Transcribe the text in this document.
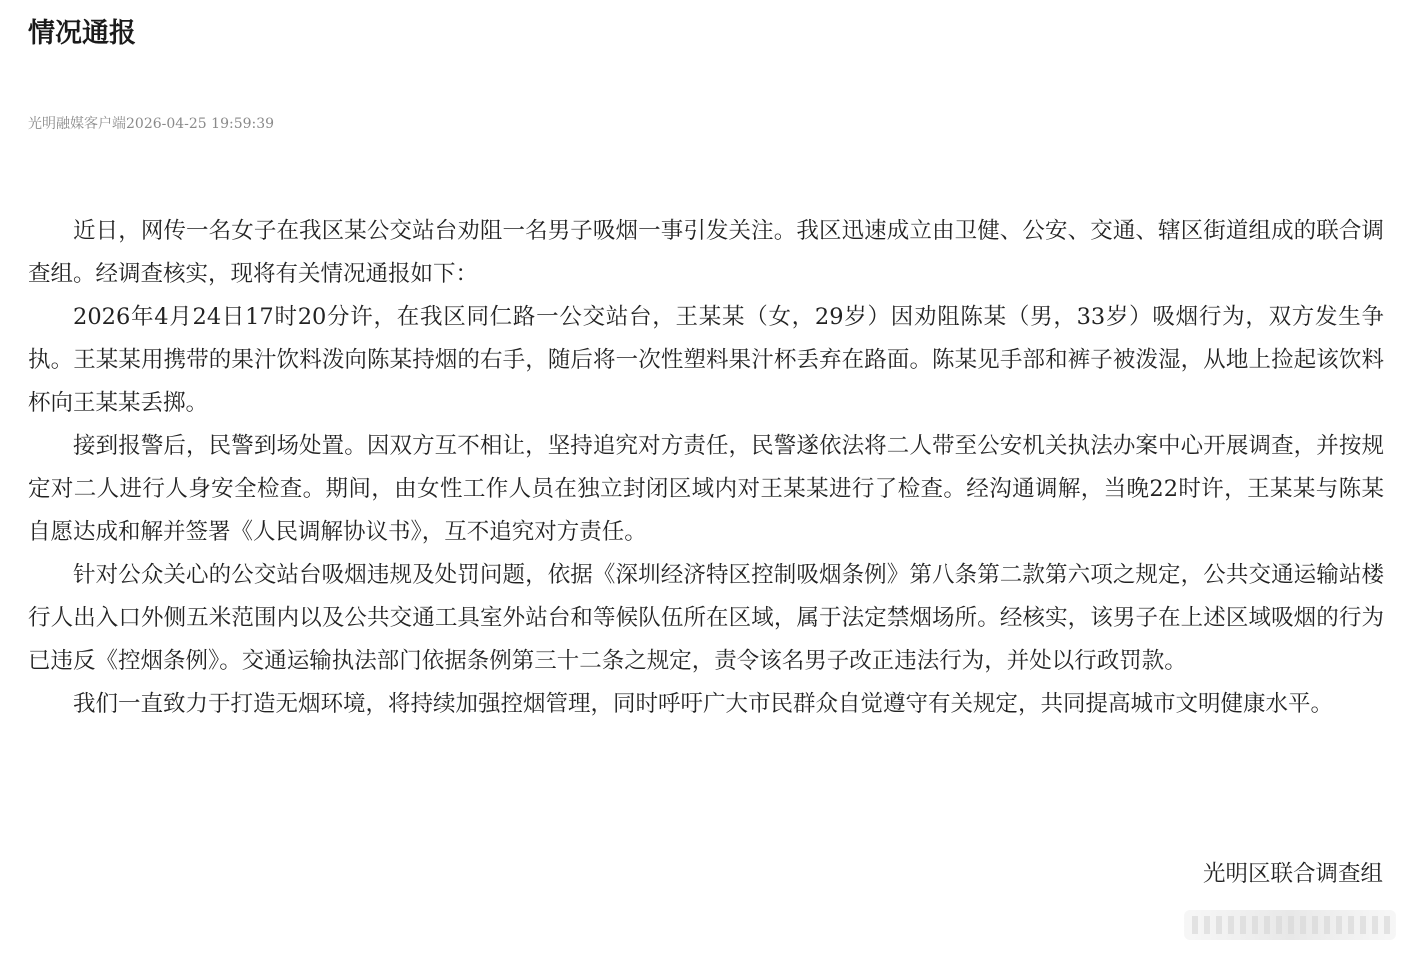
情况通报
光明融媒客户端2026-04-25 19:59:39

近日，网传一名女子在我区某公交站台劝阻一名男子吸烟一事引发关注。我区迅速成立由卫健、公安、交通、辖区街道组成的联合调查组。经调查核实，现将有关情况通报如下：

2026年4月24日17时20分许，在我区同仁路一公交站台，王某某（女，29岁）因劝阻陈某（男，33岁）吸烟行为，双方发生争执。王某某用携带的果汁饮料泼向陈某持烟的右手，随后将一次性塑料果汁杯丢弃在路面。陈某见手部和裤子被泼湿，从地上捡起该饮料杯向王某某丢掷。

接到报警后，民警到场处置。因双方互不相让，坚持追究对方责任，民警遂依法将二人带至公安机关执法办案中心开展调查，并按规定对二人进行人身安全检查。期间，由女性工作人员在独立封闭区域内对王某某进行了检查。经沟通调解，当晚22时许，王某某与陈某自愿达成和解并签署《人民调解协议书》，互不追究对方责任。

针对公众关心的公交站台吸烟违规及处罚问题，依据《深圳经济特区控制吸烟条例》第八条第二款第六项之规定，公共交通运输站楼行人出入口外侧五米范围内以及公共交通工具室外站台和等候队伍所在区域，属于法定禁烟场所。经核实，该男子在上述区域吸烟的行为已违反《控烟条例》。交通运输执法部门依据条例第三十二条之规定，责令该名男子改正违法行为，并处以行政罚款。

我们一直致力于打造无烟环境，将持续加强控烟管理，同时呼吁广大市民群众自觉遵守有关规定，共同提高城市文明健康水平。

光明区联合调查组
